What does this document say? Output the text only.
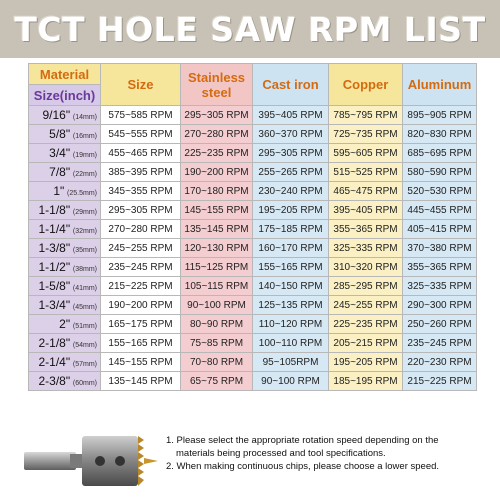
TCT HOLE SAW RPM LIST
Material	Size	Stainless steel	Cast iron	Copper	Aluminum
Size(inch)					
9/16" (14mm)	575~585 RPM	295~305 RPM	395~405 RPM	785~795 RPM	895~905 RPM
5/8" (16mm)	545~555 RPM	270~280 RPM	360~370 RPM	725~735 RPM	820~830 RPM
3/4" (19mm)	455~465 RPM	225~235 RPM	295~305 RPM	595~605 RPM	685~695 RPM
7/8" (22mm)	385~395 RPM	190~200 RPM	255~265 RPM	515~525 RPM	580~590 RPM
1" (25.5mm)	345~355 RPM	170~180 RPM	230~240 RPM	465~475 RPM	520~530 RPM
1-1/8" (29mm)	295~305 RPM	145~155 RPM	195~205 RPM	395~405 RPM	445~455 RPM
1-1/4" (32mm)	270~280 RPM	135~145 RPM	175~185 RPM	355~365 RPM	405~415 RPM
1-3/8" (35mm)	245~255 RPM	120~130 RPM	160~170 RPM	325~335 RPM	370~380 RPM
1-1/2" (38mm)	235~245 RPM	115~125 RPM	155~165 RPM	310~320 RPM	355~365 RPM
1-5/8" (41mm)	215~225 RPM	105~115 RPM	140~150 RPM	285~295 RPM	325~335 RPM
1-3/4" (45mm)	190~200 RPM	90~100 RPM	125~135 RPM	245~255 RPM	290~300 RPM
2" (51mm)	165~175 RPM	80~90 RPM	110~120 RPM	225~235 RPM	250~260 RPM
2-1/8" (54mm)	155~165 RPM	75~85 RPM	100~110 RPM	205~215 RPM	235~245 RPM
2-1/4" (57mm)	145~155 RPM	70~80 RPM	95~105RPM	195~205 RPM	220~230 RPM
2-3/8" (60mm)	135~145 RPM	65~75 RPM	90~100 RPM	185~195 RPM	215~225 RPM
1. Please select the appropriate rotation speed depending on the
materials being processed and tool specifications.
2. When making continuous chips, please choose a lower speed.
